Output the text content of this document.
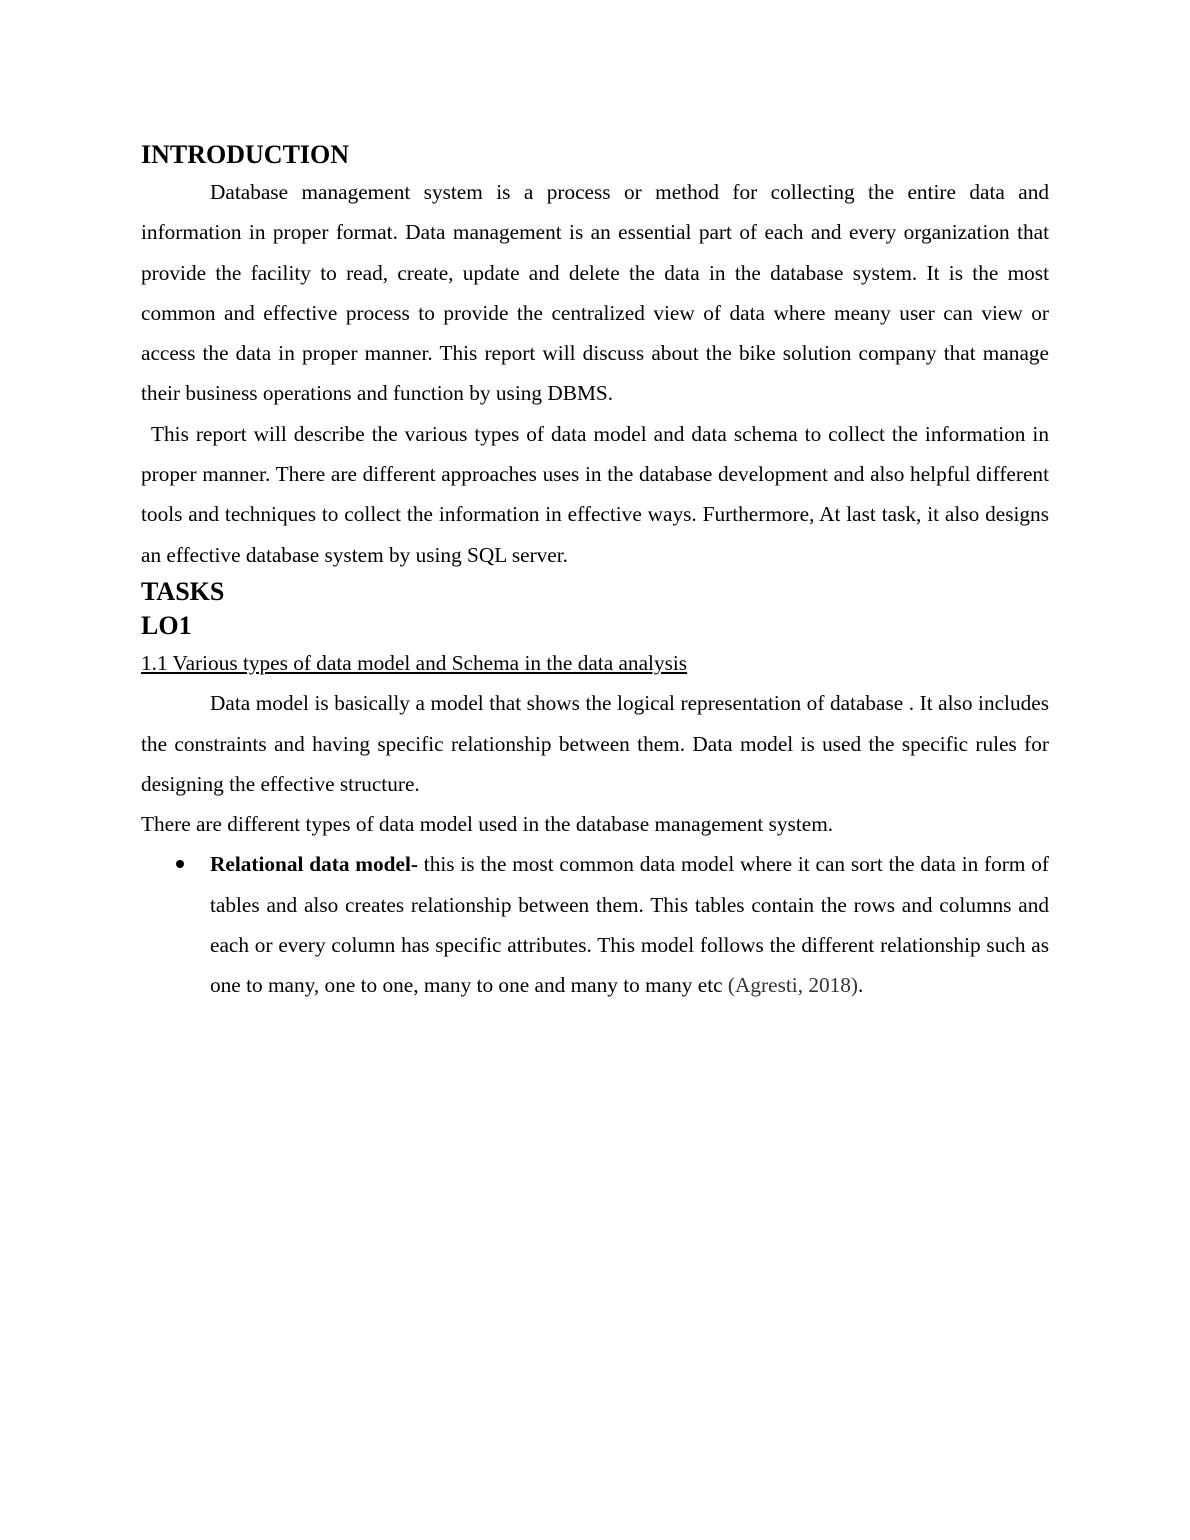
INTRODUCTION

Database management system is a process or method for collecting the entire data and information in proper format. Data management is an essential part of each and every organization that provide the facility to read, create, update and delete the data in the database system. It is the most common and effective process to provide the centralized view of data where meany user can view or access the data in proper manner. This report will discuss about the bike solution company that manage their business operations and function by using DBMS.

This report will describe the various types of data model and data schema to collect the information in proper manner. There are different approaches uses in the database development and also helpful different tools and techniques to collect the information in effective ways. Furthermore, At last task, it also designs an effective database system by using SQL server.

TASKS
LO1

1.1 Various types of data model and Schema in the data analysis

Data model is basically a model that shows the logical representation of database . It also includes the constraints and having specific relationship between them. Data model is used the specific rules for designing the effective structure.

There are different types of data model used in the database management system.

Relational data model- this is the most common data model where it can sort the data in form of tables and also creates relationship between them. This tables contain the rows and columns and each or every column has specific attributes. This model follows the different relationship such as one to many, one to one, many to one and many to many etc (Agresti, 2018).
